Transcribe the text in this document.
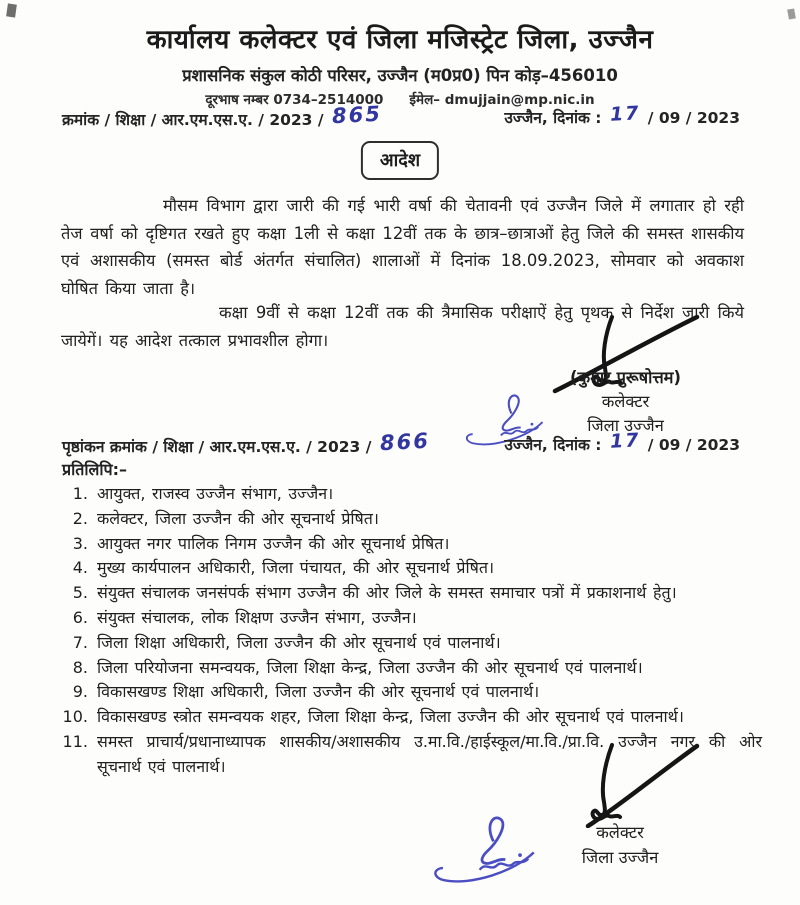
कार्यालय कलेक्टर एवं जिला मजिस्ट्रेट जिला, उज्जैन
प्रशासनिक संकुल कोठी परिसर, उज्जैन (म0प्र0) पिन कोड़–456010
दूरभाष नम्बर 0734–2514000 ईमेल– dmujjain@mp.nic.in
क्रमांक / शिक्षा / आर.एम.एस.ए. / 2023 / 865	उज्जैन, दिनांक : 17 / 09 / 2023
आदेश
मौसम विभाग द्वारा जारी की गई भारी वर्षा की चेतावनी एवं उज्जैन जिले में लगातार हो रही तेज वर्षा को दृष्टिगत रखते हुए कक्षा 1ली से कक्षा 12वीं तक के छात्र–छात्राओं हेतु जिले की समस्त शासकीय एवं अशासकीय (समस्त बोर्ड अंतर्गत संचालित) शालाओं में दिनांक 18.09.2023, सोमवार को अवकाश घोषित किया जाता है।
कक्षा 9वीं से कक्षा 12वीं तक की त्रैमासिक परीक्षाऐं हेतु पृथक से निर्देश जारी किये जायेगें। यह आदेश तत्काल प्रभावशील होगा।
(कुमार पुरूषोत्तम)
कलेक्टर
जिला उज्जैन
पृष्ठांकन क्रमांक / शिक्षा / आर.एम.एस.ए. / 2023 / 866	उज्जैन, दिनांक : 17 / 09 / 2023
प्रतिलिपि:–
1. आयुक्त, राजस्व उज्जैन संभाग, उज्जैन।
2. कलेक्टर, जिला उज्जैन की ओर सूचनार्थ प्रेषित।
3. आयुक्त नगर पालिक निगम उज्जैन की ओर सूचनार्थ प्रेषित।
4. मुख्य कार्यपालन अधिकारी, जिला पंचायत, की ओर सूचनार्थ प्रेषित।
5. संयुक्त संचालक जनसंपर्क संभाग उज्जैन की ओर जिले के समस्त समाचार पत्रों में प्रकाशनार्थ हेतु।
6. संयुक्त संचालक, लोक शिक्षण उज्जैन संभाग, उज्जैन।
7. जिला शिक्षा अधिकारी, जिला उज्जैन की ओर सूचनार्थ एवं पालनार्थ।
8. जिला परियोजना समन्वयक, जिला शिक्षा केन्द्र, जिला उज्जैन की ओर सूचनार्थ एवं पालनार्थ।
9. विकासखण्ड शिक्षा अधिकारी, जिला उज्जैन की ओर सूचनार्थ एवं पालनार्थ।
10. विकासखण्ड स्त्रोत समन्वयक शहर, जिला शिक्षा केन्द्र, जिला उज्जैन की ओर सूचनार्थ एवं पालनार्थ।
11. समस्त प्राचार्य/प्रधानाध्यापक शासकीय/अशासकीय उ.मा.वि./हाईस्कूल/मा.वि./प्रा.वि. उज्जैन नगर की ओर सूचनार्थ एवं पालनार्थ।
कलेक्टर
जिला उज्जैन
